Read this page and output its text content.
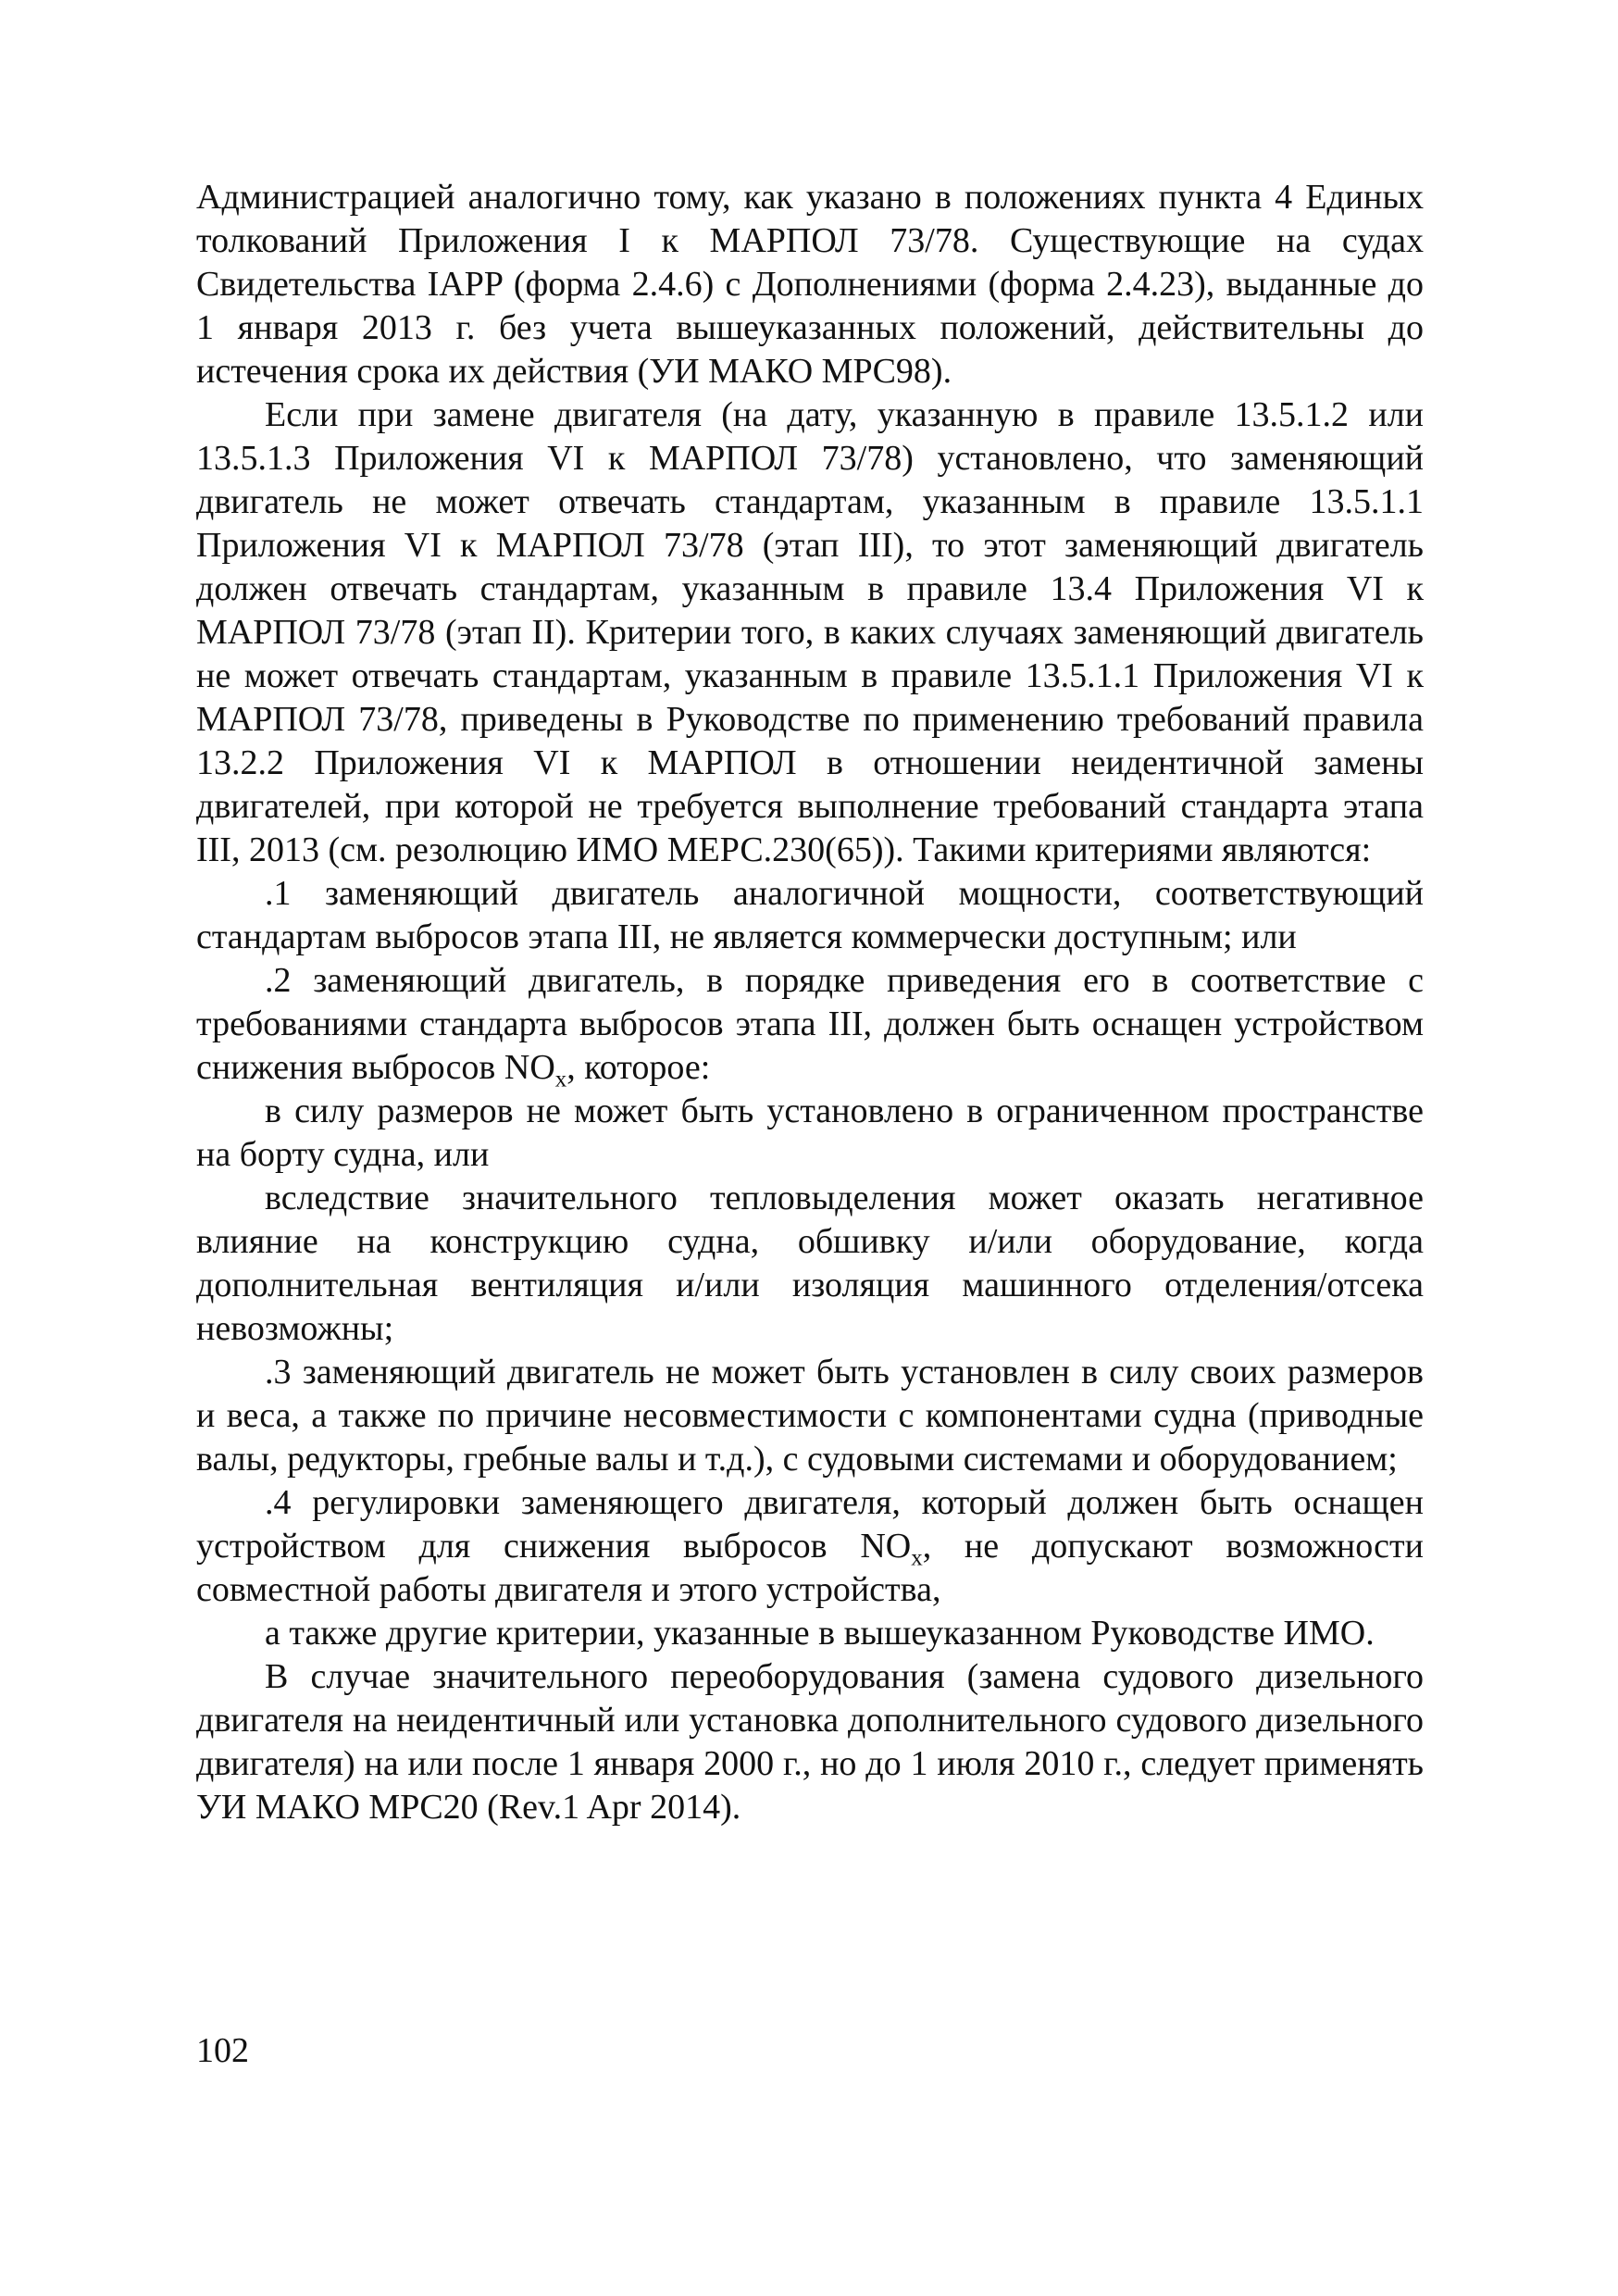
Администрацией аналогично тому, как указано в положениях пункта 4 Единых толкований Приложения I к МАРПОЛ 73/78. Существующие на судах Свидетельства IAPP (форма 2.4.6) с Дополнениями (форма 2.4.23), выданные до 1 января 2013 г. без учета вышеуказанных положений, действительны до истечения срока их действия (УИ МАКО MPC98).

Если при замене двигателя (на дату, указанную в правиле 13.5.1.2 или 13.5.1.3 Приложения VI к МАРПОЛ 73/78) установлено, что заменяющий двигатель не может отвечать стандартам, указанным в правиле 13.5.1.1 Приложения VI к МАРПОЛ 73/78 (этап III), то этот заменяющий двигатель должен отвечать стандартам, указанным в правиле 13.4 Приложения VI к МАРПОЛ 73/78 (этап II). Критерии того, в каких случаях заменяющий двигатель не может отвечать стандартам, указанным в правиле 13.5.1.1 Приложения VI к МАРПОЛ 73/78, приведены в Руководстве по применению требований правила 13.2.2 Приложения VI к МАРПОЛ в отношении неидентичной замены двигателей, при которой не требуется выполнение требований стандарта этапа III, 2013 (см. резолюцию ИМО МЕРС.230(65)). Такими критериями являются:

.1 заменяющий двигатель аналогичной мощности, соответствующий стандартам выбросов этапа III, не является коммерчески доступным; или

.2 заменяющий двигатель, в порядке приведения его в соответствие с требованиями стандарта выбросов этапа III, должен быть оснащен устройством снижения выбросов $NO_x$, которое:

в силу размеров не может быть установлено в ограниченном пространстве на борту судна, или

вследствие значительного тепловыделения может оказать негативное влияние на конструкцию судна, обшивку и/или оборудование, когда дополнительная вентиляция и/или изоляция машинного отделения/отсека невозможны;

.3 заменяющий двигатель не может быть установлен в силу своих размеров и веса, а также по причине несовместимости с компонентами судна (приводные валы, редукторы, гребные валы и т.д.), с судовыми системами и оборудованием;

.4 регулировки заменяющего двигателя, который должен быть оснащен устройством для снижения выбросов $NO_x$, не допускают возможности совместной работы двигателя и этого устройства,

а также другие критерии, указанные в вышеуказанном Руководстве ИМО.

В случае значительного переоборудования (замена судового дизельного двигателя на неидентичный или установка дополнительного судового дизельного двигателя) на или после 1 января 2000 г., но до 1 июля 2010 г., следует применять УИ МАКО MPC20 (Rev.1 Apr 2014).

102
